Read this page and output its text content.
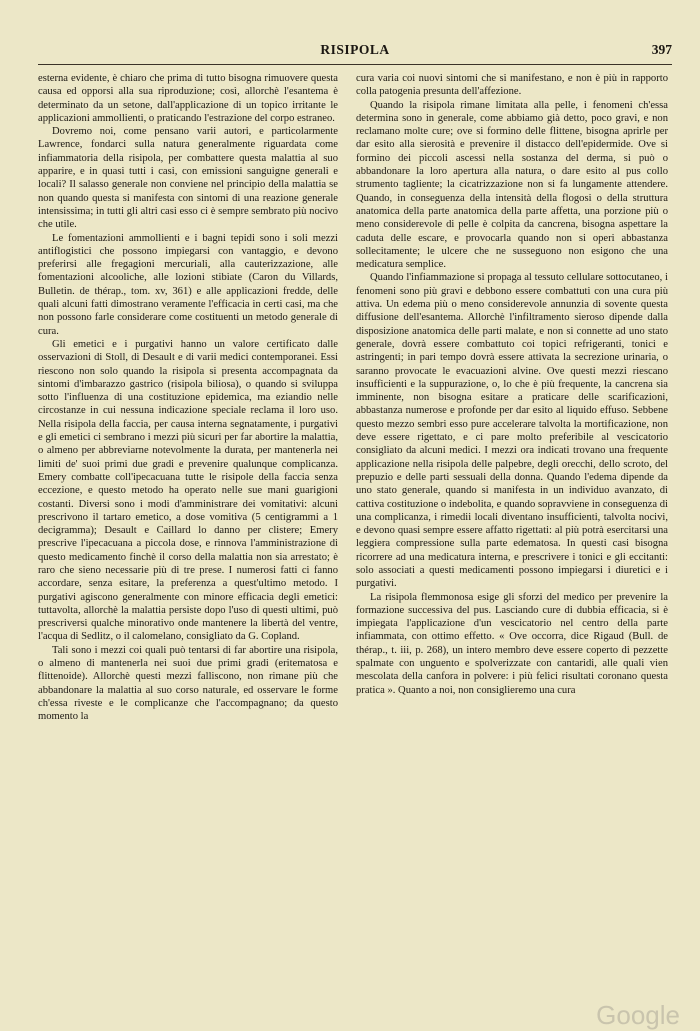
RISIPOLA	397

esterna evidente, è chiaro che prima di tutto bisogna rimuovere questa causa ed opporsi alla sua riproduzione; così, allorchè l'esantema è determinato da un setone, dall'applicazione di un topico irritante le applicazioni ammollienti, o praticando l'estrazione del corpo estraneo.

Dovremo noi, come pensano varii autori, e particolarmente Lawrence, fondarci sulla natura generalmente riguardata come infiammatoria della risipola, per combattere questa malattia al suo apparire, e in quasi tutti i casi, con emissioni sanguigne generali e locali? Il salasso generale non conviene nel principio della malattia se non quando questa si manifesta con sintomi di una reazione generale intensissima; in tutti gli altri casi esso ci è sempre sembrato più nocivo che utile.

Le fomentazioni ammollienti e i bagni tepidi sono i soli mezzi antiflogistici che possono impiegarsi con vantaggio, e devono preferirsi alle fregagioni mercuriali, alla cauterizzazione, alle fomentazioni alcooliche, alle lozioni stibiate (Caron du Villards, Bulletin. de thérap., tom. xv, 361) e alle applicazioni fredde, delle quali alcuni fatti dimostrano veramente l'efficacia in certi casi, ma che non possono farle considerare come costituenti un metodo generale di cura.

Gli emetici e i purgativi hanno un valore certificato dalle osservazioni di Stoll, di Desault e di varii medici contemporanei. Essi riescono non solo quando la risipola si presenta accompagnata da sintomi d'imbarazzo gastrico (risipola biliosa), o quando si sviluppa sotto l'influenza di una costituzione epidemica, ma eziandio nelle circostanze in cui nessuna indicazione speciale reclama il loro uso. Nella risipola della faccia, per causa interna segnatamente, i purgativi e gli emetici ci sembrano i mezzi più sicuri per far abortire la malattia, o almeno per abbreviarne notevolmente la durata, per mantenerla nei limiti de' suoi primi due gradi e prevenire qualunque complicanza. Emery combatte coll'ipecacuana tutte le risipole della faccia senza eccezione, e questo metodo ha operato nelle sue mani guarigioni costanti. Diversi sono i modi d'amministrare dei vomitativi: alcuni prescrivono il tartaro emetico, a dose vomitiva (5 centigrammi a 1 decigramma); Desault e Caillard lo danno per clistere; Emery prescrive l'ipecacuana a piccola dose, e rinnova l'amministrazione di questo medicamento finchè il corso della malattia non sia arrestato; è raro che sieno necessarie più di tre prese. I numerosi fatti ci fanno accordare, senza esitare, la preferenza a quest'ultimo metodo. I purgativi agiscono generalmente con minore efficacia degli emetici: tuttavolta, allorchè la malattia persiste dopo l'uso di questi ultimi, può prescriversi qualche minorativo onde mantenere la libertà del ventre, l'acqua di Sedlitz, o il calomelano, consigliato da G. Copland.

Tali sono i mezzi coi quali può tentarsi di far abortire una risipola, o almeno di mantenerla nei suoi due primi gradi (eritematosa e flittenoide). Allorchè questi mezzi falliscono, non rimane più che abbandonare la malattia al suo corso naturale, ed osservare le forme ch'essa riveste e le complicanze che l'accompagnano; da questo momento la

cura varia coi nuovi sintomi che si manifestano, e non è più in rapporto colla patogenia presunta dell'affezione.

Quando la risipola rimane limitata alla pelle, i fenomeni ch'essa determina sono in generale, come abbiamo già detto, poco gravi, e non reclamano molte cure; ove si formino delle flittene, bisogna aprirle per dar esito alla sierosità e prevenire il distacco dell'epidermide. Ove si formino dei piccoli ascessi nella sostanza del derma, si può o abbandonare la loro apertura alla natura, o dare esito al pus collo strumento tagliente; la cicatrizzazione non si fa lungamente attendere. Quando, in conseguenza della intensità della flogosi o della struttura anatomica della parte anatomica della parte affetta, una porzione più o meno considerevole di pelle è colpita da cancrena, bisogna aspettare la caduta delle escare, e provocarla quando non si operi abbastanza sollecitamente; le ulcere che ne susseguono non esigono che una medicatura semplice.

Quando l'infiammazione si propaga al tessuto cellulare sottocutaneo, i fenomeni sono più gravi e debbono essere combattuti con una cura più attiva. Un edema più o meno considerevole annunzia di sovente questa diffusione dell'esantema. Allorchè l'infiltramento sieroso dipende dalla disposizione anatomica delle parti malate, e non si connette ad uno stato generale, dovrà essere combattuto coi topici refrigeranti, tonici e astringenti; in pari tempo dovrà essere attivata la secrezione urinaria, o saranno provocate le evacuazioni alvine. Ove questi mezzi riescano insufficienti e la suppurazione, o, lo che è più frequente, la cancrena sia imminente, non bisogna esitare a praticare delle scarificazioni, abbastanza numerose e profonde per dar esito al liquido effuso. Sebbene questo mezzo sembri esso pure accelerare talvolta la mortificazione, non deve essere rigettato, e ci pare molto preferibile al vescicatorio consigliato da alcuni medici. I mezzi ora indicati trovano una frequente applicazione nella risipola delle palpebre, degli orecchi, dello scroto, del prepuzio e delle parti sessuali della donna. Quando l'edema dipende da uno stato generale, quando si manifesta in un individuo avanzato, di cattiva costituzione o indebolita, e quando sopravviene in conseguenza di una complicanza, i rimedii locali diventano insufficienti, talvolta nocivi, e devono quasi sempre essere affatto rigettati: al più potrà esercitarsi una leggiera compressione sulla parte edematosa. In questi casi bisogna ricorrere ad una medicatura interna, e prescrivere i tonici e gli eccitanti: solo associati a questi medicamenti possono impiegarsi i diuretici e i purgativi.

La risipola flemmonosa esige gli sforzi del medico per prevenire la formazione successiva del pus. Lasciando cure di dubbia efficacia, si è impiegata l'applicazione d'un vescicatorio nel centro della parte infiammata, con ottimo effetto. « Ove occorra, dice Rigaud (Bull. de thérap., t. iii, p. 268), un intero membro deve essere coperto di pezzette spalmate con unguento e spolverizzate con cantaridi, alle quali vien mescolata della canfora in polvere: i più felici risultati coronano questa pratica ». Quanto a noi, non consiglieremo una cura

Google
